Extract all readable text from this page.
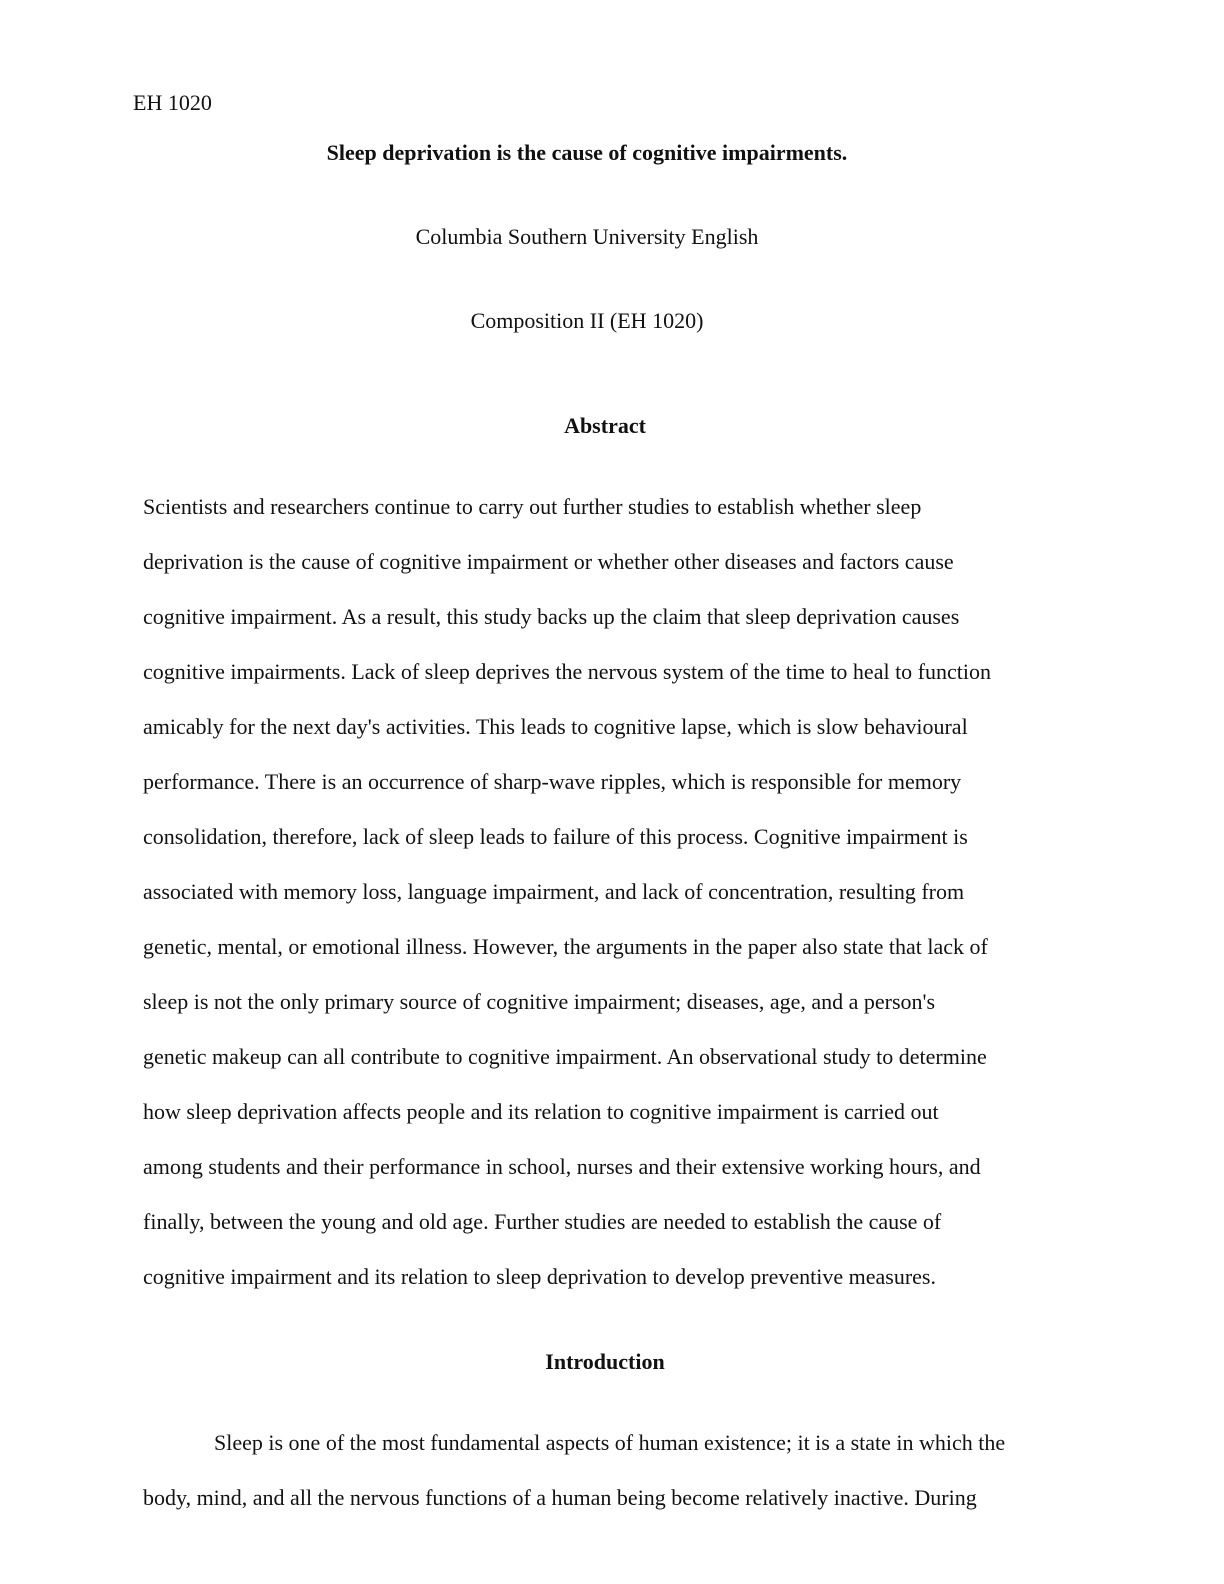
EH 1020
Sleep deprivation is the cause of cognitive impairments.
Columbia Southern University English
Composition II (EH 1020)
Abstract
Scientists and researchers continue to carry out further studies to establish whether sleep
deprivation is the cause of cognitive impairment or whether other diseases and factors cause
cognitive impairment. As a result, this study backs up the claim that sleep deprivation causes
cognitive impairments. Lack of sleep deprives the nervous system of the time to heal to function
amicably for the next day's activities. This leads to cognitive lapse, which is slow behavioural
performance. There is an occurrence of sharp-wave ripples, which is responsible for memory
consolidation, therefore, lack of sleep leads to failure of this process. Cognitive impairment is
associated with memory loss, language impairment, and lack of concentration, resulting from
genetic, mental, or emotional illness. However, the arguments in the paper also state that lack of
sleep is not the only primary source of cognitive impairment; diseases, age, and a person's
genetic makeup can all contribute to cognitive impairment. An observational study to determine
how sleep deprivation affects people and its relation to cognitive impairment is carried out
among students and their performance in school, nurses and their extensive working hours, and
finally, between the young and old age. Further studies are needed to establish the cause of
cognitive impairment and its relation to sleep deprivation to develop preventive measures.
Introduction
Sleep is one of the most fundamental aspects of human existence; it is a state in which the
body, mind, and all the nervous functions of a human being become relatively inactive. During
